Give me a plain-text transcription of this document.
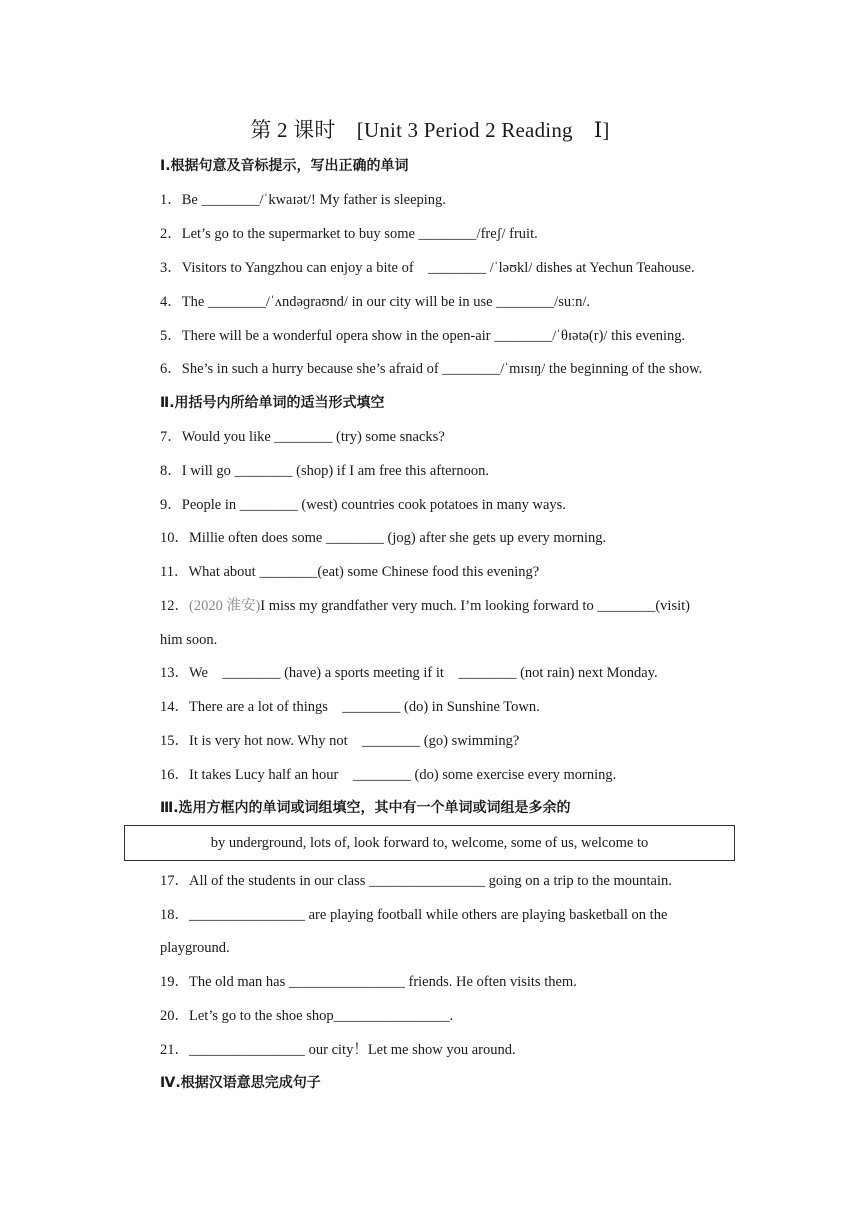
第 2 课时　[Unit 3 Period 2 Reading　Ⅰ]
Ⅰ.根据句意及音标提示，写出正确的单词
1．Be ________/ˈkwaɪət/! My father is sleeping.
2．Let’s go to the supermarket to buy some ________/freʃ/ fruit.
3．Visitors to Yangzhou can enjoy a bite of　________ /ˈləʊkl/ dishes at Yechun Teahouse.
4．The ________/ˈʌndəɡraʊnd/ in our city will be in use ________/suːn/.
5．There will be a wonderful opera show in the open-air ________/ˈθɪətə(r)/ this evening.
6．She’s in such a hurry because she’s afraid of ________/ˈmɪsɪŋ/ the beginning of the show.
Ⅱ.用括号内所给单词的适当形式填空
7．Would you like ________ (try) some snacks?
8．I will go ________ (shop) if I am free this afternoon.
9．People in ________ (west) countries cook potatoes in many ways.
10．Millie often does some ________ (jog) after she gets up every morning.
11．What about ________(eat) some Chinese food this evening?
12．(2020 淮安)I miss my grandfather very much. I’m looking forward to ________(visit)
him soon.
13．We　________ (have) a sports meeting if it　________ (not rain) next Monday.
14．There are a lot of things　________ (do) in Sunshine Town.
15．It is very hot now. Why not　________ (go) swimming?
16．It takes Lucy half an hour　________ (do) some exercise every morning.
Ⅲ.选用方框内的单词或词组填空，其中有一个单词或词组是多余的
by underground, lots of, look forward to, welcome, some of us, welcome to
17．All of the students in our class ________________ going on a trip to the mountain.
18．________________ are playing football while others are playing basketball on the
playground.
19．The old man has ________________ friends. He often visits them.
20．Let’s go to the shoe shop________________.
21．________________ our city！Let me show you around.
Ⅳ.根据汉语意思完成句子
